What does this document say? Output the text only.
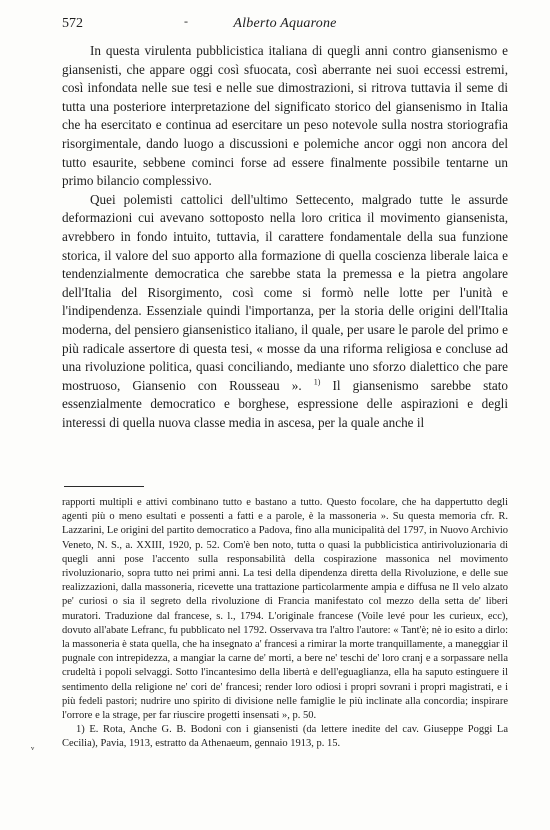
572	-	Alberto Aquarone

In questa virulenta pubblicistica italiana di quegli anni contro giansenismo e giansenisti, che appare oggi così sfuocata, così aberrante nei suoi eccessi estremi, così infondata nelle sue tesi e nelle sue dimostrazioni, si ritrova tuttavia il seme di tutta una posteriore interpretazione del significato storico del giansenismo in Italia che ha esercitato e continua ad esercitare un peso notevole sulla nostra storiografia risorgimentale, dando luogo a discussioni e polemiche ancor oggi non ancora del tutto esaurite, sebbene cominci forse ad essere finalmente possibile tentarne un primo bilancio complessivo.

Quei polemisti cattolici dell'ultimo Settecento, malgrado tutte le assurde deformazioni cui avevano sottoposto nella loro critica il movimento giansenista, avrebbero in fondo intuito, tuttavia, il carattere fondamentale della sua funzione storica, il valore del suo apporto alla formazione di quella coscienza liberale laica e tendenzialmente democratica che sarebbe stata la premessa e la pietra angolare dell'Italia del Risorgimento, così come si formò nelle lotte per l'unità e l'indipendenza. Essenziale quindi l'importanza, per la storia delle origini dell'Italia moderna, del pensiero giansenistico italiano, il quale, per usare le parole del primo e più radicale assertore di questa tesi, « mosse da una riforma religiosa e concluse ad una rivoluzione politica, quasi conciliando, mediante uno sforzo dialettico che pare mostruoso, Giansenio con Rousseau ». $^{1)}$ Il giansenismo sarebbe stato essenzialmente democratico e borghese, espressione delle aspirazioni e degli interessi di quella nuova classe media in ascesa, per la quale anche il

rapporti multipli e attivi combinano tutto e bastano a tutto. Questo focolare, che ha dappertutto degli agenti più o meno esultati e possenti a fatti e a parole, è la massoneria ». Su questa memoria cfr. R. Lazzarini, Le origini del partito democratico a Padova, fino alla municipalità del 1797, in Nuovo Archivio Veneto, N. S., a. XXIII, 1920, p. 52. Com'è ben noto, tutta o quasi la pubblicistica antirivoluzionaria di quegli anni pose l'accento sulla responsabilità della cospirazione massonica nel movimento rivoluzionario, sopra tutto nei primi anni. La tesi della dipendenza diretta della Rivoluzione, e delle sue realizzazioni, dalla massoneria, ricevette una trattazione particolarmente ampia e diffusa ne Il velo alzato pe' curiosi o sia il segreto della rivoluzione di Francia manifestato col mezzo della setta de' liberi muratori. Traduzione dal francese, s. l., 1794. L'originale francese (Voile levé pour les curieux, ecc), dovuto all'abate Lefranc, fu pubblicato nel 1792. Osservava tra l'altro l'autore: « Tant'è; nè io esito a dirlo: la massoneria è stata quella, che ha insegnato a' francesi a rimirar la morte tranquillamente, a maneggiar il pugnale con intrepidezza, a mangiar la carne de' morti, a bere ne' teschi de' loro cranj e a sorpassare nella crudeltà i popoli selvaggi. Sotto l'incantesimo della libertà e dell'eguaglianza, ella ha saputo estinguere il sentimento della religione ne' cori de' francesi; render loro odiosi i propri sovrani i propri magistrati, e i più fedeli pastori; nudrire uno spirito di divisione nelle famiglie le più inclinate alla concordia; inspirare l'orrore e la strage, per far riuscire progetti insensati », p. 50.

1) E. Rota, Anche G. B. Bodoni con i giansenisti (da lettere inedite del cav. Giuseppe Poggi La Cecilia), Pavia, 1913, estratto da Athenaeum, gennaio 1913, p. 15.

ᵛ
